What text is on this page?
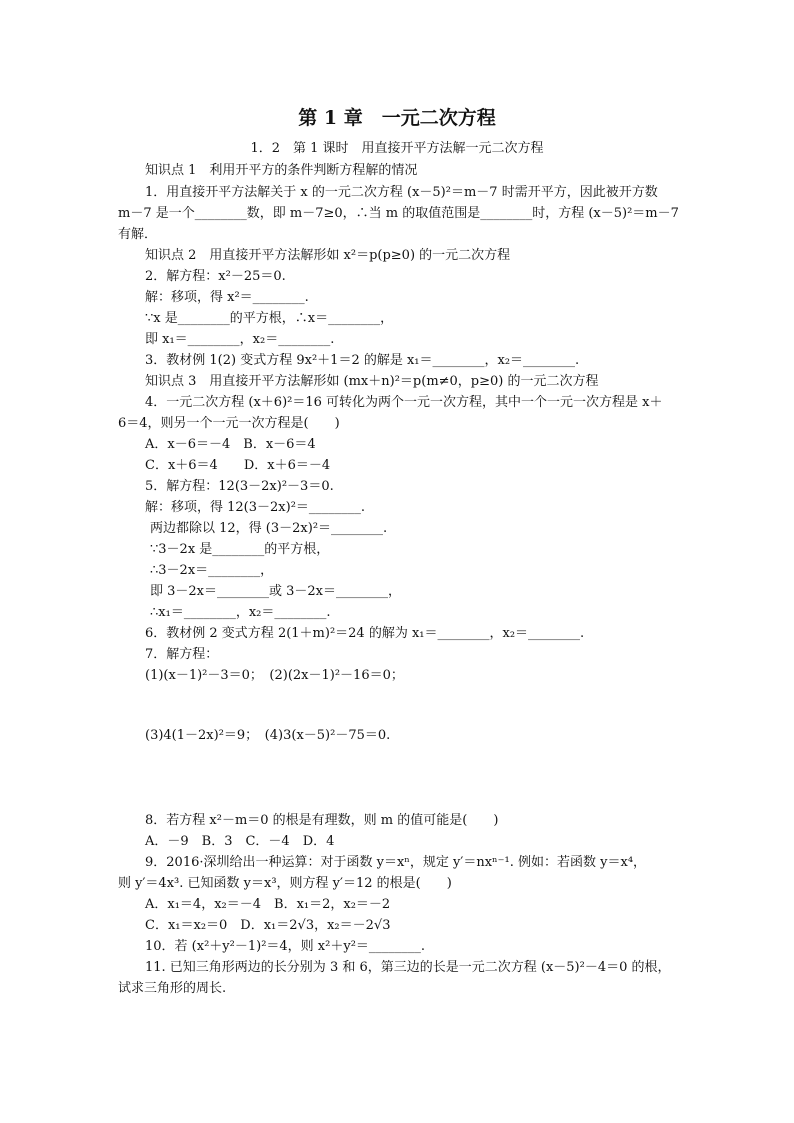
第 1 章　一元二次方程
1．2　第 1 课时　用直接开平方法解一元二次方程
知识点 1　利用开平方的条件判断方程解的情况
1．用直接开平方法解关于 x 的一元二次方程 (x－5)²＝m－7 时需开平方，因此被开方数
m－7 是一个________数，即 m－7≥0，∴当 m 的取值范围是________时，方程 (x－5)²＝m－7
有解．
知识点 2　用直接开平方法解形如 x²＝p(p≥0) 的一元二次方程
2．解方程：x²－25＝0.
解：移项，得 x²＝________.
∵x 是________的平方根，∴x＝________，
即 x₁＝________，x₂＝________.
3．教材例 1(2) 变式方程 9x²＋1＝2 的解是 x₁＝________，x₂＝________.
知识点 3　用直接开平方法解形如 (mx＋n)²＝p(m≠0，p≥0) 的一元二次方程
4．一元二次方程 (x＋6)²＝16 可转化为两个一元一次方程，其中一个一元一次方程是 x＋
6＝4，则另一个一元一次方程是(　　)
A．x－6＝－4　B．x－6＝4
C．x＋6＝4　　D．x＋6＝－4
5．解方程：12(3－2x)²－3＝0.
解：移项，得 12(3－2x)²＝________.
两边都除以 12，得 (3－2x)²＝________.
∵3－2x 是________的平方根，
∴3－2x＝________，
即 3－2x＝________或 3－2x＝________，
∴x₁＝________，x₂＝________.
6．教材例 2 变式方程 2(1＋m)²＝24 的解为 x₁＝________，x₂＝________.
7．解方程：
(1)(x－1)²－3＝0；　(2)(2x－1)²－16＝0；
(3)4(1－2x)²＝9；　(4)3(x－5)²－75＝0.
8．若方程 x²－m＝0 的根是有理数，则 m 的值可能是(　　)
A．－9　B．3　C．－4　D．4
9．2016·深圳给出一种运算：对于函数 y＝xⁿ，规定 y′＝nxⁿ⁻¹. 例如：若函数 y＝x⁴，
则 y′＝4x³. 已知函数 y＝x³，则方程 y′＝12 的根是(　　)
A．x₁＝4，x₂＝－4　B．x₁＝2，x₂＝－2
C．x₁＝x₂＝0　D．x₁＝2√3，x₂＝－2√3
10．若 (x²＋y²－1)²＝4，则 x²＋y²＝________.
11. 已知三角形两边的长分别为 3 和 6，第三边的长是一元二次方程 (x－5)²－4＝0 的根，
试求三角形的周长.
